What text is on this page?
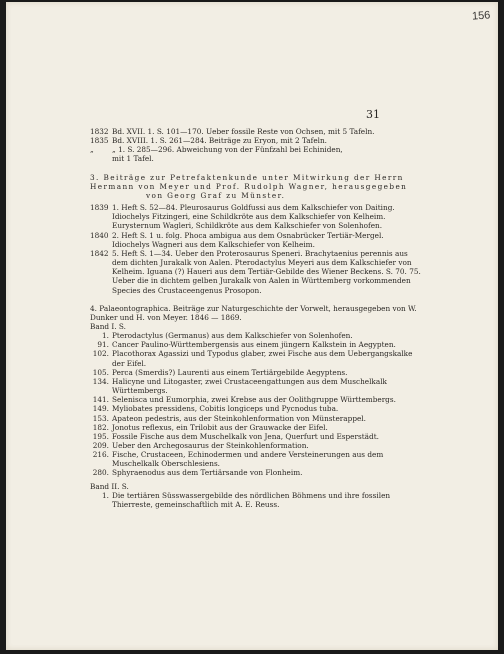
156
31
1832 Bd. XVII. 1. S. 101—170. Ueber fossile Reste von Ochsen, mit 5 Tafeln.
1835 Bd. XVIII. 1. S. 261—284. Beiträge zu Eryon, mit 2 Tafeln.
„	„ 1. S. 285—296. Abweichung von der Fünfzahl bei Echiniden,
mit 1 Tafel.
3. Beiträge zur Petrefaktenkunde unter Mitwirkung der Herrn
Hermann von Meyer und Prof. Rudolph Wagner, herausgegeben
von Georg Graf zu Münster.
1839 1. Heft S. 52—84. Pleurosaurus Goldfussi aus dem Kalkschiefer von Daiting. Idiochelys Fitzingeri, eine Schildkröte aus dem Kalkschiefer von Kelheim. Eurysternum Wagleri, Schildkröte aus dem Kalkschiefer von Solenhofen.
1840 2. Heft S. 1 u. folg. Phoca ambigua aus dem Osnabrücker Tertiär-Mergel. Idiochelys Wagneri aus dem Kalkschiefer von Kelheim.
1842 5. Heft S. 1—34. Ueber den Proterosaurus Speneri. Brachytaenius perennis aus dem dichten Jurakalk von Aalen. Pterodactylus Meyeri aus dem Kalkschiefer von Kelheim. Iguana (?) Haueri aus dem Tertiär-Gebilde des Wiener Beckens. S. 70. 75. Ueber die in dichtem gelben Jurakalk von Aalen in Württemberg vorkommenden Species des Crustaceengenus Prosopon.
4. Palaeontographica. Beiträge zur Naturgeschichte der Vorwelt, herausgegeben von W. Dunker und H. von Meyer. 1846 — 1869.
Band I. S.
1. Pterodactylus (Germanus) aus dem Kalkschiefer von Solenhofen.
91. Cancer Paulino-Württembergensis aus einem jüngern Kalkstein in Aegypten.
102. Placothorax Agassizi und Typodus glaber, zwei Fische aus dem Uebergangskalke der Eifel.
105. Perca (Smerdis?) Laurenti aus einem Tertiärgebilde Aegyptens.
134. Halicyne und Litogaster, zwei Crustaceengattungen aus dem Muschelkalk Württembergs.
141. Selenisca und Eumorphia, zwei Krebse aus der Oolithgruppe Württembergs.
149. Myliobates pressidens, Cobitis longiceps und Pycnodus tuba.
153. Apateon pedestris, aus der Steinkohlenformation von Münsterappel.
182. Jonotus reflexus, ein Trilobit aus der Grauwacke der Eifel.
195. Fossile Fische aus dem Muschelkalk von Jena, Querfurt und Esperstädt.
209. Ueber den Archegosaurus der Steinkohlenformation.
216. Fische, Crustaceen, Echinodermen und andere Versteinerungen aus dem Muschelkalk Oberschlesiens.
280. Sphyraenodus aus dem Tertiärsande von Flonheim.
Band II. S.
1. Die tertiären Süsswassergebilde des nördlichen Böhmens und ihre fossilen Thierreste, gemeinschaftlich mit A. E. Reuss.
